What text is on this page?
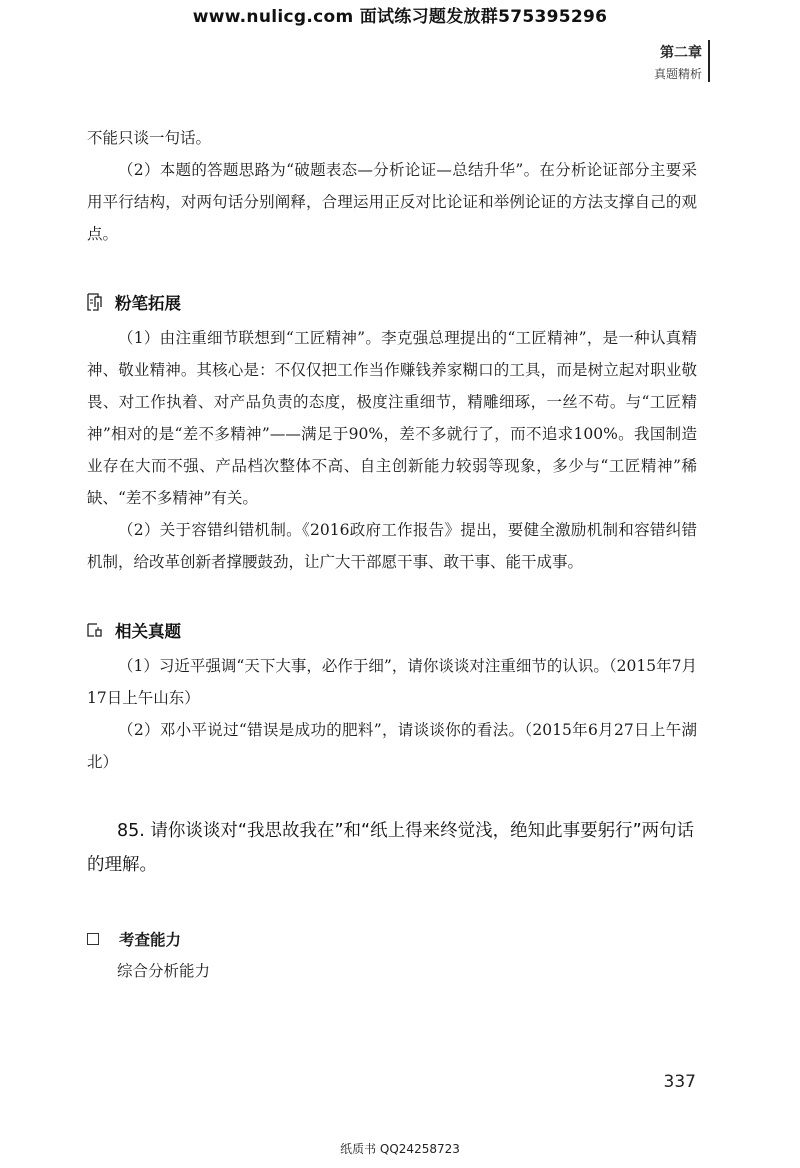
www.nulicg.com 面试练习题发放群575395296
第二章
真题精析

不能只谈一句话。

（2）本题的答题思路为“破题表态—分析论证—总结升华”。在分析论证部分主要采用平行结构，对两句话分别阐释，合理运用正反对比论证和举例论证的方法支撑自己的观点。

粉笔拓展

（1）由注重细节联想到“工匠精神”。李克强总理提出的“工匠精神”，是一种认真精神、敬业精神。其核心是：不仅仅把工作当作赚钱养家糊口的工具，而是树立起对职业敬畏、对工作执着、对产品负责的态度，极度注重细节，精雕细琢，一丝不苟。与“工匠精神”相对的是“差不多精神”——满足于90%，差不多就行了，而不追求100%。我国制造业存在大而不强、产品档次整体不高、自主创新能力较弱等现象，多少与“工匠精神”稀缺、“差不多精神”有关。

（2）关于容错纠错机制。《2016政府工作报告》提出，要健全激励机制和容错纠错机制，给改革创新者撑腰鼓劲，让广大干部愿干事、敢干事、能干成事。

相关真题

（1）习近平强调“天下大事，必作于细”，请你谈谈对注重细节的认识。（2015年7月17日上午山东）

（2）邓小平说过“错误是成功的肥料”，请谈谈你的看法。（2015年6月27日上午湖北）

85. 请你谈谈对“我思故我在”和“纸上得来终觉浅，绝知此事要躬行”两句话的理解。

考查能力
综合分析能力
337
纸质书 QQ24258723
